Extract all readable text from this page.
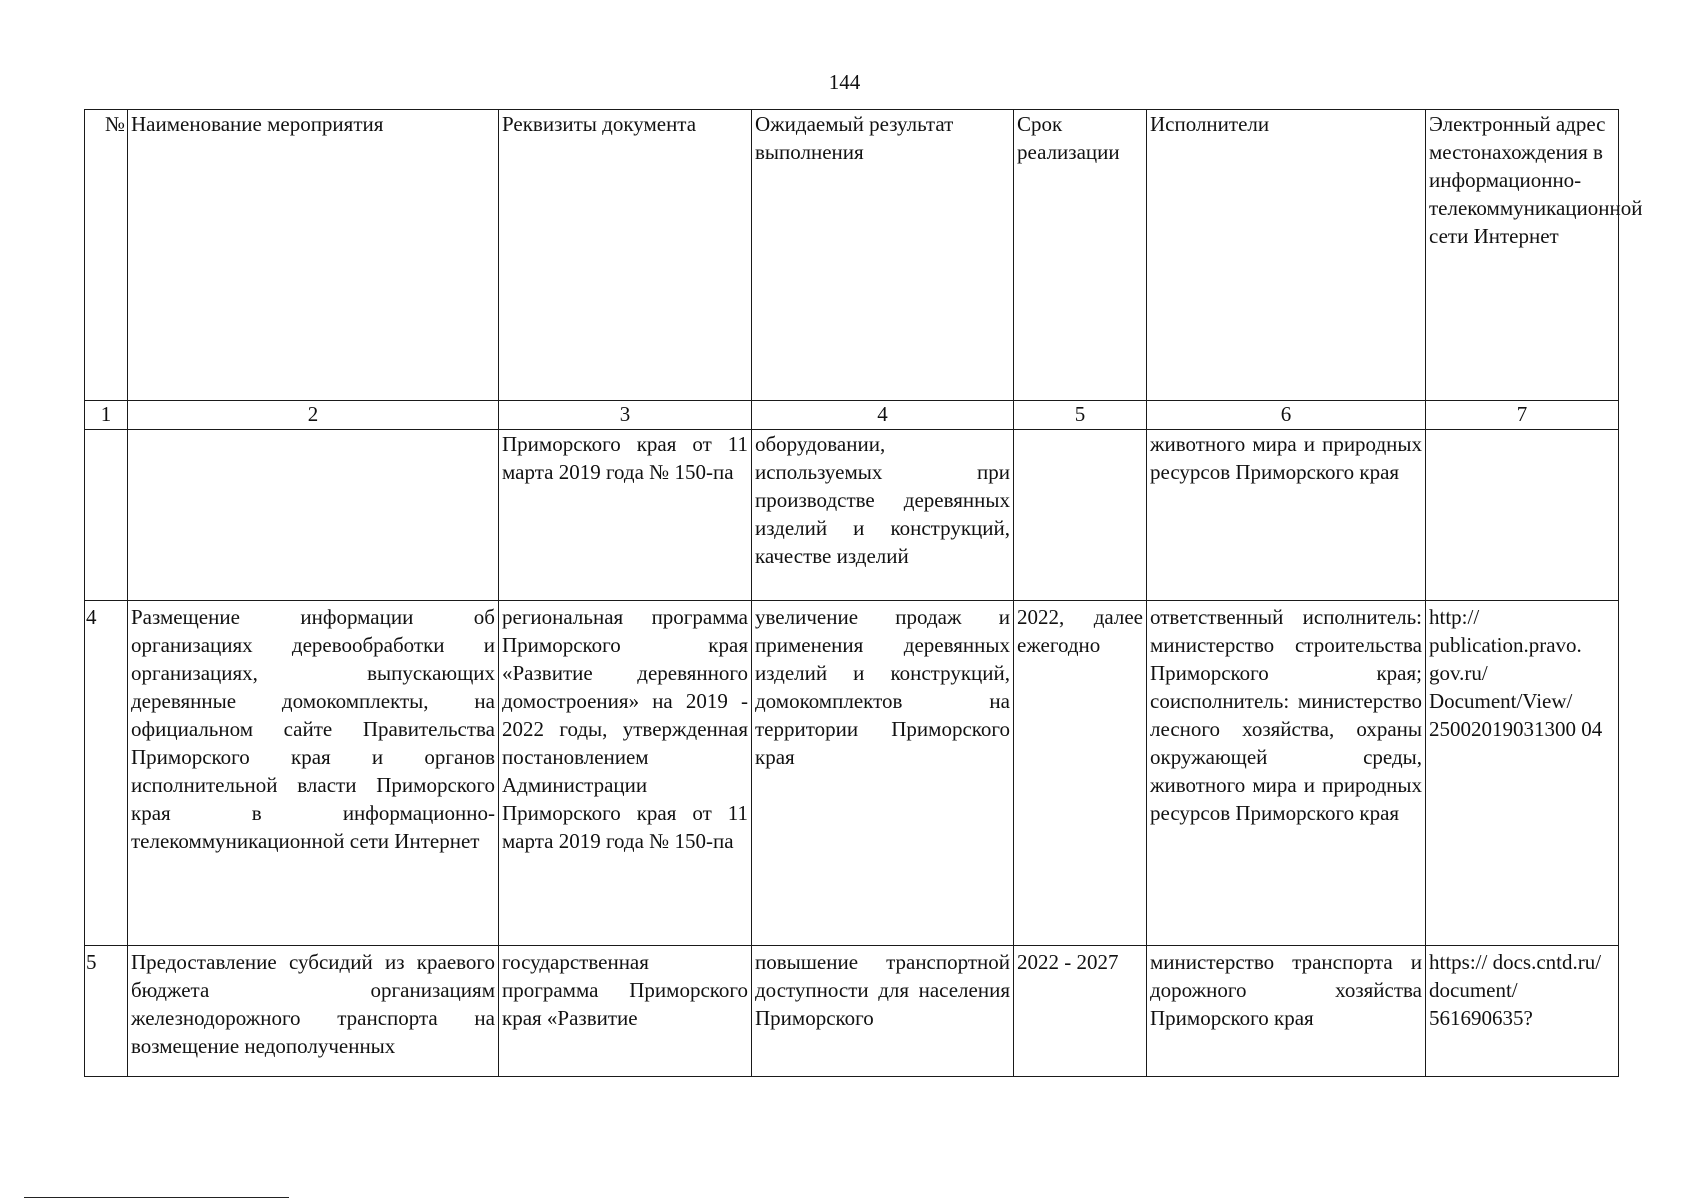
144
№	Наименование мероприятия	Реквизиты документа	Ожидаемый результат выполнения	Срок реализации	Исполнители	Электронный адрес местонахождения в информационно-телекоммуникационной сети Интернет
1	2	3	4	5	6	7
		Приморского края от 11 марта 2019 года № 150-па	оборудовании, используемых при производстве деревянных изделий и конструкций, качестве изделий		животного мира и природных ресурсов Приморского края	
4	Размещение информации об организациях деревообработки и организациях, выпускающих деревянные домокомплекты, на официальном сайте Правительства Приморского края и органов исполнительной власти Приморского края в информационно-телекоммуникационной сети Интернет	региональная программа Приморского края «Развитие деревянного домостроения» на 2019 - 2022 годы, утвержденная постановлением Администрации Приморского края от 11 марта 2019 года № 150-па	увеличение продаж и применения деревянных изделий и конструкций, домокомплектов на территории Приморского края	2022, далее ежегодно	ответственный исполнитель: министерство строительства Приморского края; соисполнитель: министерство лесного хозяйства, охраны окружающей среды, животного мира и природных ресурсов Приморского края	http:// publication.pravo. gov.ru/ Document/View/ 25002019031300 04
5	Предоставление субсидий из краевого бюджета организациям железнодорожного транспорта на возмещение недополученных	государственная программа Приморского края «Развитие	повышение транспортной доступности для населения Приморского	2022 - 2027	министерство транспорта и дорожного хозяйства Приморского края	https:// docs.cntd.ru/ document/ 561690635?
